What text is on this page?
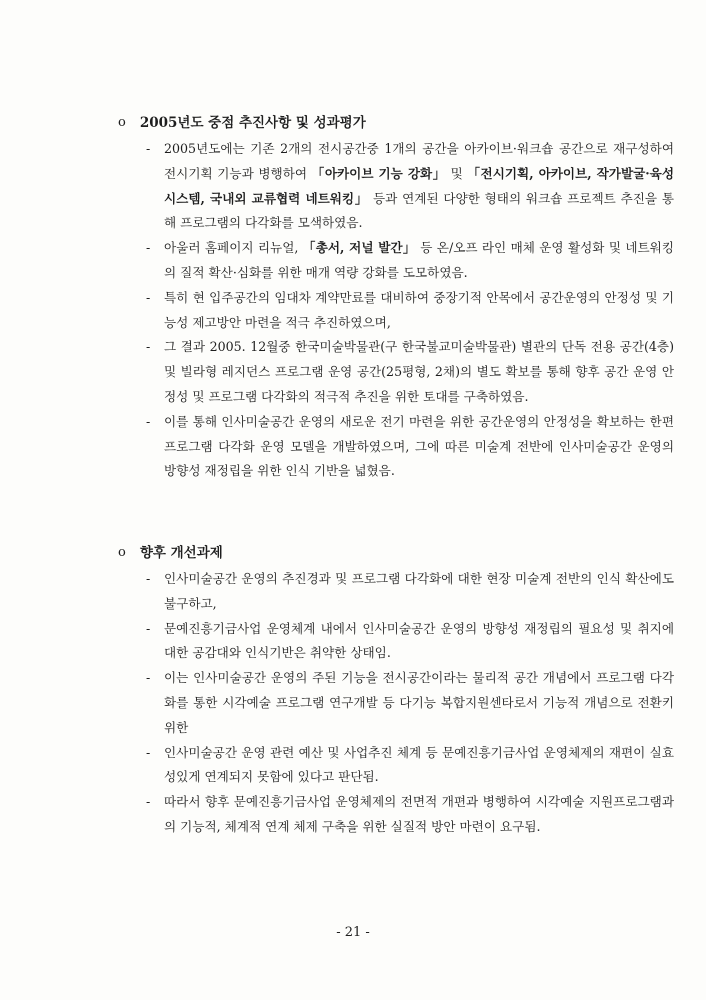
o 2005년도 중점 추진사항 및 성과평가
- 2005년도에는 기존 2개의 전시공간중 1개의 공간을 아카이브·워크숍 공간으로 재구성하여 전시기획 기능과 병행하여 「아카이브 기능 강화」 및 「전시기획, 아카이브, 작가발굴·육성시스템, 국내외 교류협력 네트워킹」 등과 연계된 다양한 형태의 워크숍 프로젝트 추진을 통해 프로그램의 다각화를 모색하였음.
- 아울러 홈페이지 리뉴얼, 「총서, 저널 발간」 등 온/오프 라인 매체 운영 활성화 및 네트워킹의 질적 확산·심화를 위한 매개 역량 강화를 도모하였음.
- 특히 현 입주공간의 임대차 계약만료를 대비하여 중장기적 안목에서 공간운영의 안정성 및 기능성 제고방안 마련을 적극 추진하였으며,
- 그 결과 2005. 12월중 한국미술박물관(구 한국불교미술박물관) 별관의 단독 전용 공간(4층) 및 빌라형 레지던스 프로그램 운영 공간(25평형, 2채)의 별도 확보를 통해 향후 공간 운영 안정성 및 프로그램 다각화의 적극적 추진을 위한 토대를 구축하였음.
- 이를 통해 인사미술공간 운영의 새로운 전기 마련을 위한 공간운영의 안정성을 확보하는 한편 프로그램 다각화 운영 모델을 개발하였으며, 그에 따른 미술계 전반에 인사미술공간 운영의 방향성 재정립을 위한 인식 기반을 넓혔음.
o 향후 개선과제
- 인사미술공간 운영의 추진경과 및 프로그램 다각화에 대한 현장 미술계 전반의 인식 확산에도 불구하고,
- 문예진흥기금사업 운영체계 내에서 인사미술공간 운영의 방향성 재정립의 필요성 및 취지에 대한 공감대와 인식기반은 취약한 상태임.
- 이는 인사미술공간 운영의 주된 기능을 전시공간이라는 물리적 공간 개념에서 프로그램 다각화를 통한 시각예술 프로그램 연구개발 등 다기능 복합지원센타로서 기능적 개념으로 전환키 위한
- 인사미술공간 운영 관련 예산 및 사업추진 체계 등 문예진흥기금사업 운영체제의 재편이 실효성있게 연계되지 못함에 있다고 판단됨.
- 따라서 향후 문예진흥기금사업 운영체제의 전면적 개편과 병행하여 시각예술 지원프로그램과의 기능적, 체계적 연계 체제 구축을 위한 실질적 방안 마련이 요구됨.
- 21 -
